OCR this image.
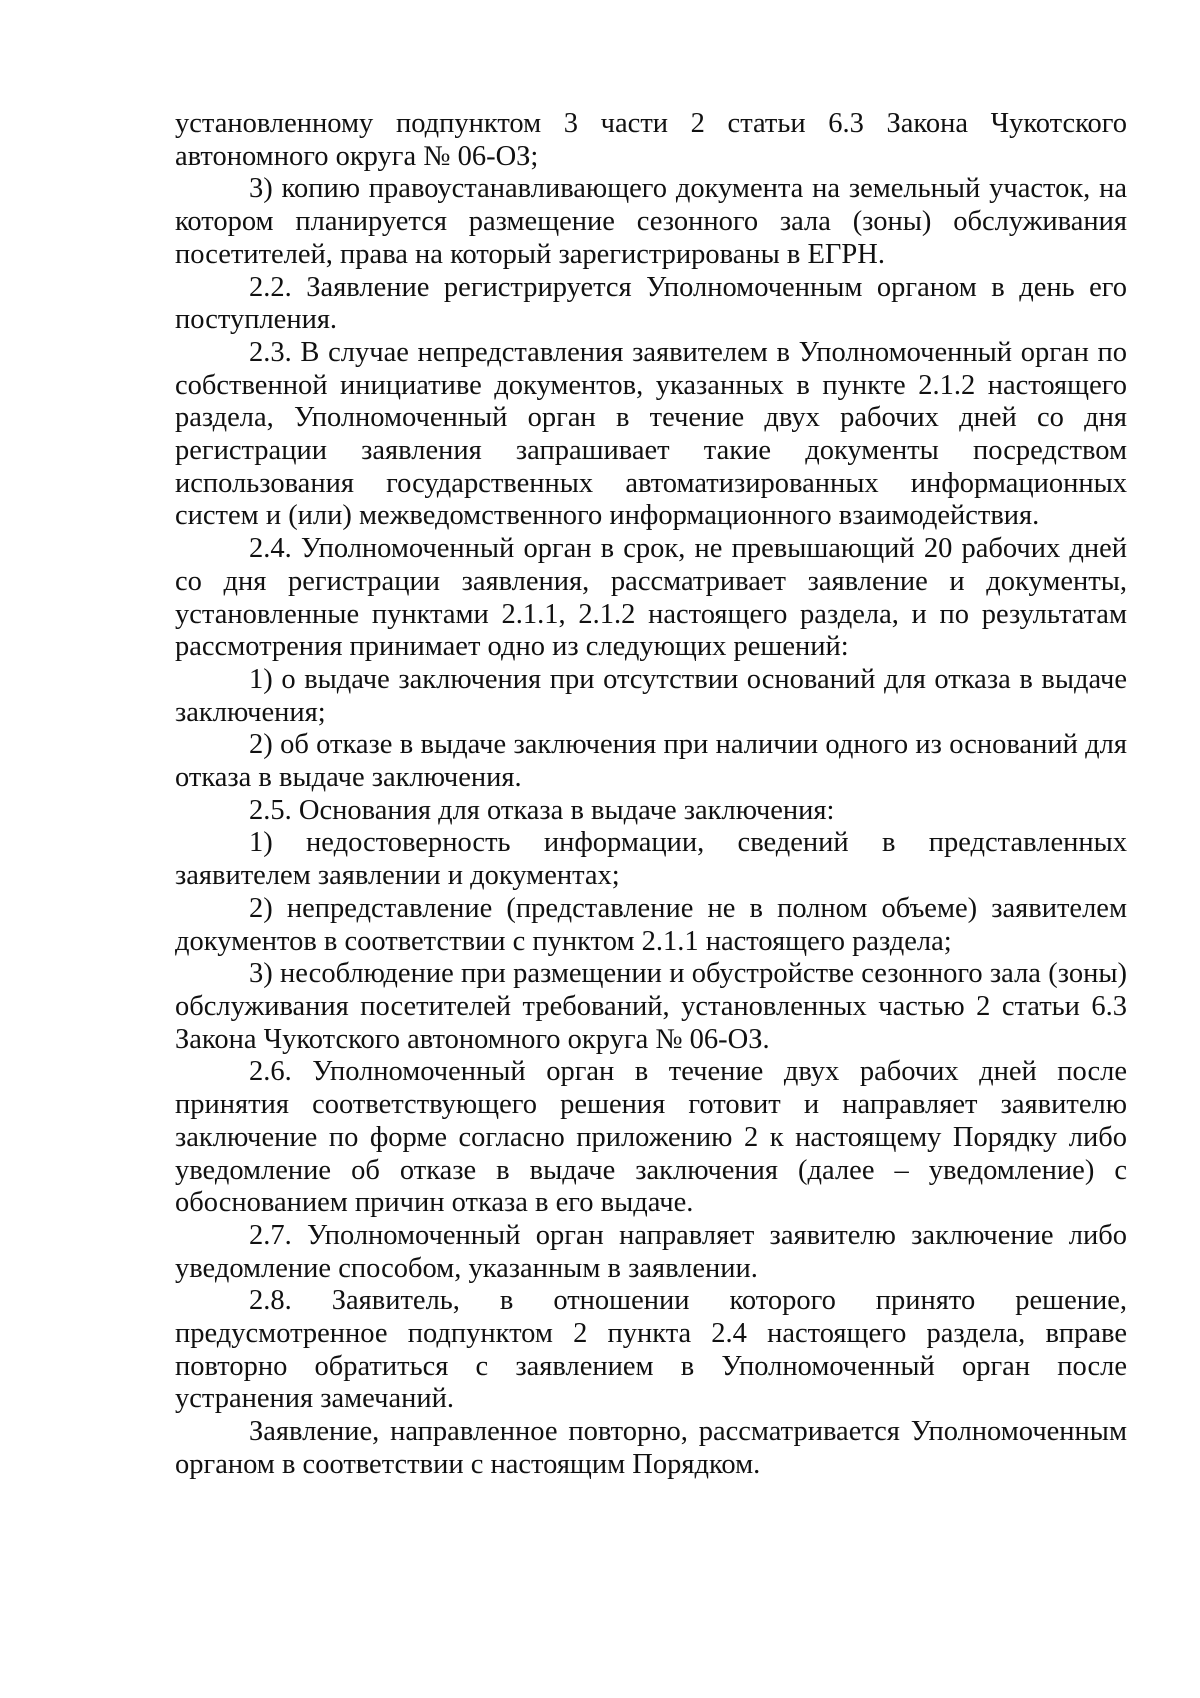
установленному подпунктом 3 части 2 статьи 6.3 Закона Чукотского автономного округа № 06-ОЗ;

3) копию правоустанавливающего документа на земельный участок, на котором планируется размещение сезонного зала (зоны) обслуживания посетителей, права на который зарегистрированы в ЕГРН.

2.2. Заявление регистрируется Уполномоченным органом в день его поступления.

2.3. В случае непредставления заявителем в Уполномоченный орган по собственной инициативе документов, указанных в пункте 2.1.2 настоящего раздела, Уполномоченный орган в течение двух рабочих дней со дня регистрации заявления запрашивает такие документы посредством использования государственных автоматизированных информационных систем и (или) межведомственного информационного взаимодействия.

2.4. Уполномоченный орган в срок, не превышающий 20 рабочих дней со дня регистрации заявления, рассматривает заявление и документы, установленные пунктами 2.1.1, 2.1.2 настоящего раздела, и по результатам рассмотрения принимает одно из следующих решений:

1) о выдаче заключения при отсутствии оснований для отказа в выдаче заключения;

2) об отказе в выдаче заключения при наличии одного из оснований для отказа в выдаче заключения.

2.5. Основания для отказа в выдаче заключения:

1) недостоверность информации, сведений в представленных заявителем заявлении и документах;

2) непредставление (представление не в полном объеме) заявителем документов в соответствии с пунктом 2.1.1 настоящего раздела;

3) несоблюдение при размещении и обустройстве сезонного зала (зоны) обслуживания посетителей требований, установленных частью 2 статьи 6.3 Закона Чукотского автономного округа № 06-ОЗ.

2.6. Уполномоченный орган в течение двух рабочих дней после принятия соответствующего решения готовит и направляет заявителю заключение по форме согласно приложению 2 к настоящему Порядку либо уведомление об отказе в выдаче заключения (далее – уведомление) с обоснованием причин отказа в его выдаче.

2.7. Уполномоченный орган направляет заявителю заключение либо уведомление способом, указанным в заявлении.

2.8. Заявитель, в отношении которого принято решение, предусмотренное подпунктом 2 пункта 2.4 настоящего раздела, вправе повторно обратиться с заявлением в Уполномоченный орган после устранения замечаний.

Заявление, направленное повторно, рассматривается Уполномоченным органом в соответствии с настоящим Порядком.
